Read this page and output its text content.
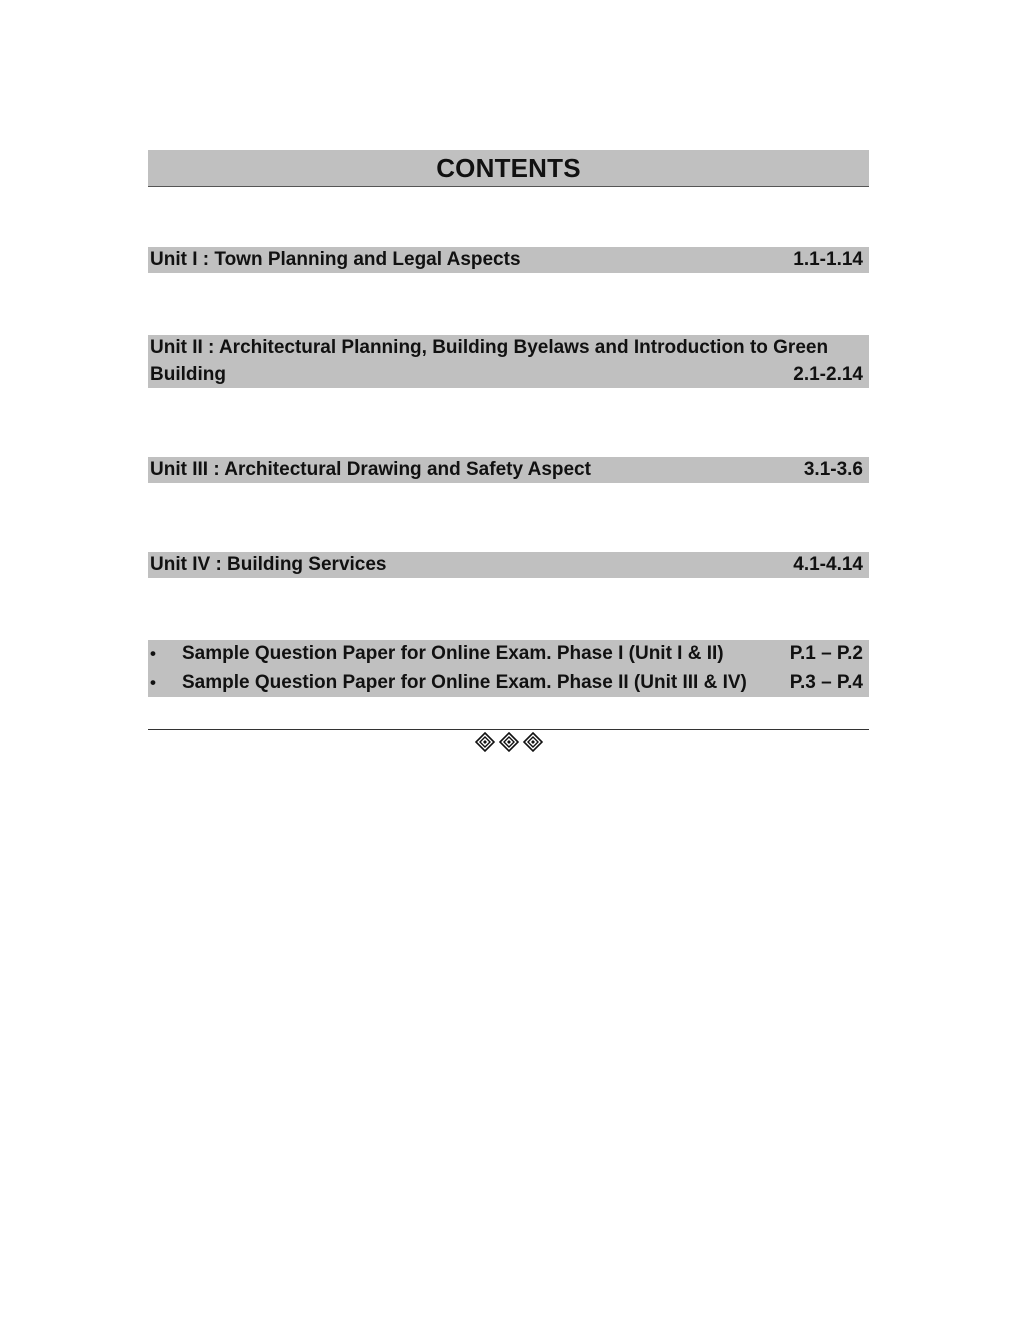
CONTENTS
Unit I : Town Planning and Legal Aspects	1.1-1.14
Unit II : Architectural Planning, Building Byelaws and Introduction to Green
Building	2.1-2.14
Unit III : Architectural Drawing and Safety Aspect	3.1-3.6
Unit IV : Building Services	4.1-4.14
•	Sample Question Paper for Online Exam. Phase I (Unit I & II)	P.1 – P.2
•	Sample Question Paper for Online Exam. Phase II (Unit III & IV)	P.3 – P.4
